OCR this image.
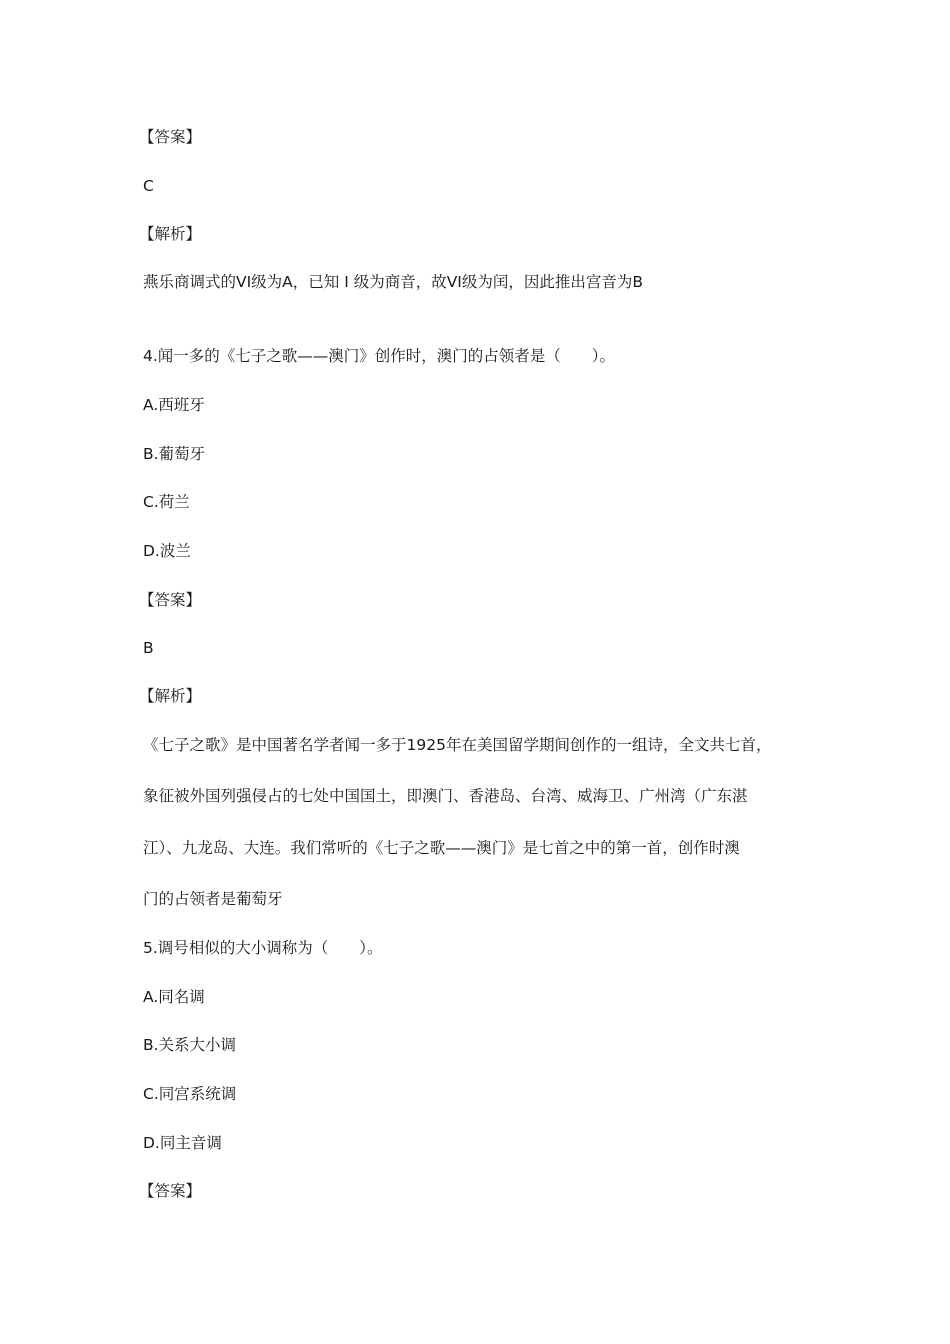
【答案】
C
【解析】
燕乐商调式的VI级为A，已知 I 级为商音，故VI级为闰，因此推出宫音为B
4.闻一多的《七子之歌——澳门》创作时，澳门的占领者是（　　）。
A.西班牙
B.葡萄牙
C.荷兰
D.波兰
【答案】
B
【解析】
《七子之歌》是中国著名学者闻一多于1925年在美国留学期间创作的一组诗，全文共七首，
象征被外国列强侵占的七处中国国土，即澳门、香港岛、台湾、威海卫、广州湾（广东湛
江）、九龙岛、大连。我们常听的《七子之歌——澳门》是七首之中的第一首，创作时澳
门的占领者是葡萄牙
5.调号相似的大小调称为（　　）。
A.同名调
B.关系大小调
C.同宫系统调
D.同主音调
【答案】
